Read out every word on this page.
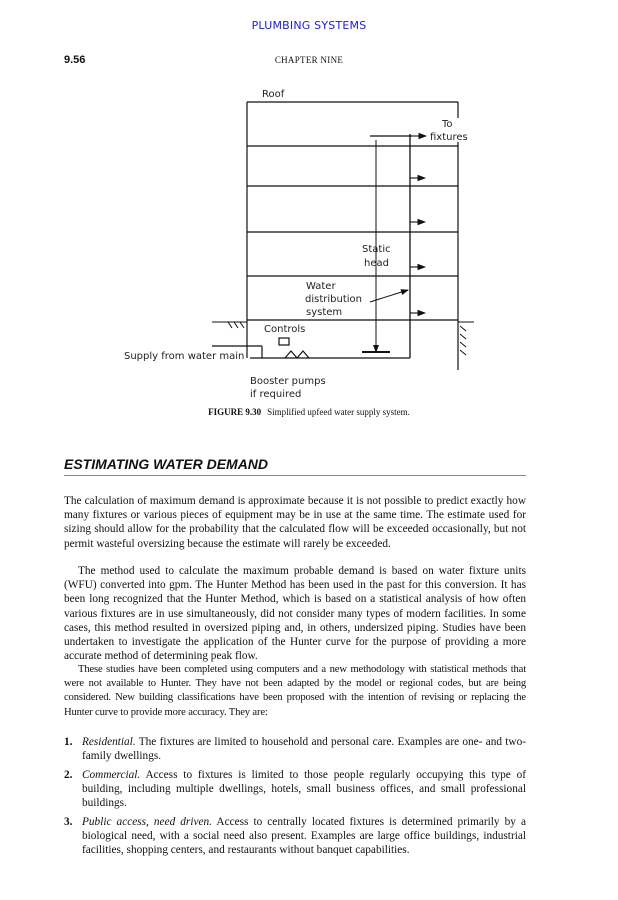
PLUMBING SYSTEMS
9.56	CHAPTER NINE
Roof
To
fixtures
Static
head
Water
distribution
system
Controls
Supply from water main
Booster pumps
if required
FIGURE 9.30 Simplified upfeed water supply system.
ESTIMATING WATER DEMAND
The calculation of maximum demand is approximate because it is not possible to predict exactly how many fixtures or various pieces of equipment may be in use at the same time. The estimate used for sizing should allow for the probability that the calculated flow will be exceeded occasionally, but not permit wasteful oversizing because the estimate will rarely be exceeded.
The method used to calculate the maximum probable demand is based on water fixture units (WFU) converted into gpm. The Hunter Method has been used in the past for this conversion. It has been long recognized that the Hunter Method, which is based on a statistical analysis of how often various fixtures are in use simultaneously, did not consider many types of modern facilities. In some cases, this method resulted in oversized piping and, in others, undersized piping. Studies have been undertaken to investigate the application of the Hunter curve for the purpose of providing a more accurate method of determining peak flow.
These studies have been completed using computers and a new methodology with statistical methods that were not available to Hunter. They have not been adapted by the model or regional codes, but are being considered. New building classifications have been proposed with the intention of revising or replacing the Hunter curve to provide more accuracy. They are:
1. Residential. The fixtures are limited to household and personal care. Examples are one- and two-family dwellings.
2. Commercial. Access to fixtures is limited to those people regularly occupying this type of building, including multiple dwellings, hotels, small business offices, and small professional buildings.
3. Public access, need driven. Access to centrally located fixtures is determined primarily by a biological need, with a social need also present. Examples are large office buildings, industrial facilities, shopping centers, and restaurants without banquet capabilities.
